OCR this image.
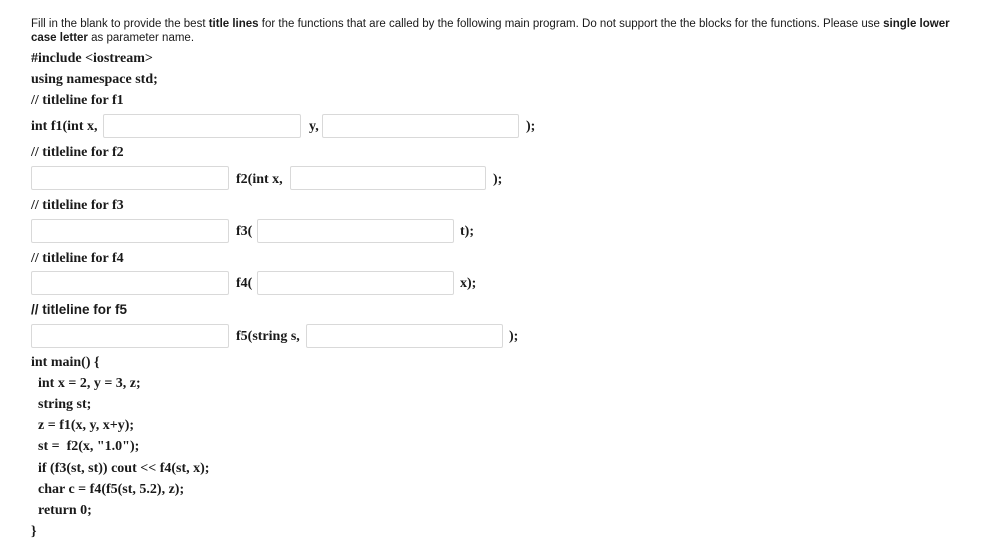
Fill in the blank to provide the best title lines for the functions that are called by the following main program. Do not support the the blocks for the functions. Please use single lower case letter as parameter name.
#include <iostream>
using namespace std;
// titleline for f1
int f1(int x,	y,	);
// titleline for f2
f2(int x,	);
// titleline for f3
f3(	t);
// titleline for f4
f4(	x);
// titleline for f5
f5(string s,	);
int main() {
int x = 2, y = 3, z;
string st;
z = f1(x, y, x+y);
st =  f2(x, "1.0");
if (f3(st, st)) cout << f4(st, x);
char c = f4(f5(st, 5.2), z);
return 0;
}
